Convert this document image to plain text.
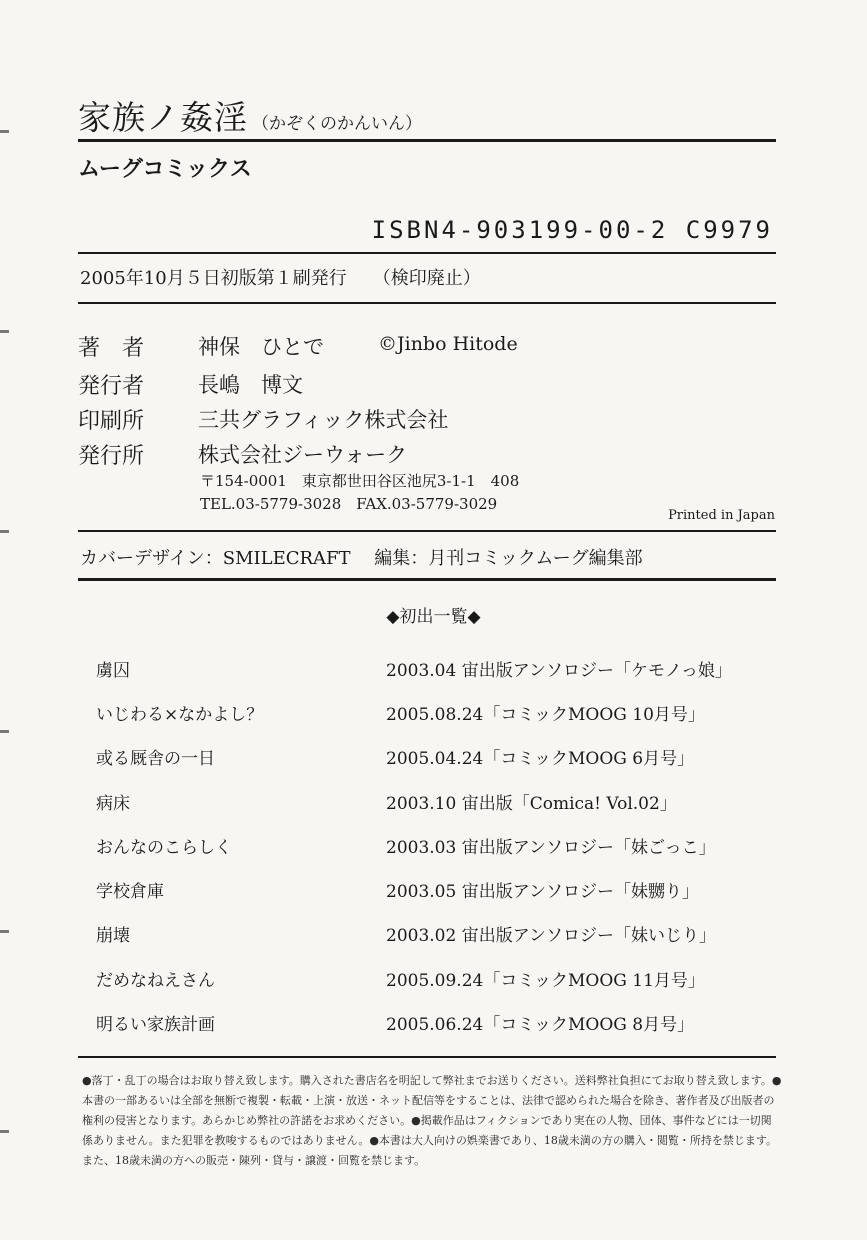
家族ノ姦淫 （かぞくのかんいん）
ムーグコミックス
ISBN4-903199-00-2 C9979
2005年10月５日初版第１刷発行 （検印廃止）
著　者	神保　ひとで	©Jinbo Hitode
発行者	長嶋　博文
印刷所	三共グラフィック株式会社
発行所	株式会社ジーウォーク
〒154-0001　東京都世田谷区池尻3-1-1　408
TEL.03-5779-3028　FAX.03-5779-3029
Printed in Japan
カバーデザイン：SMILECRAFT　 編集：月刊コミックムーグ編集部
◆初出一覧◆
虜囚	2003.04 宙出版アンソロジー「ケモノっ娘」
いじわる×なかよし？	2005.08.24「コミックMOOG 10月号」
或る厩舎の一日	2005.04.24「コミックMOOG 6月号」
病床	2003.10 宙出版「Comica! Vol.02」
おんなのこらしく	2003.03 宙出版アンソロジー「妹ごっこ」
学校倉庫	2003.05 宙出版アンソロジー「妹嬲り」
崩壊	2003.02 宙出版アンソロジー「妹いじり」
だめなねえさん	2005.09.24「コミックMOOG 11月号」
明るい家族計画	2005.06.24「コミックMOOG 8月号」
●落丁・乱丁の場合はお取り替え致します。購入された書店名を明記して弊社までお送りください。送料弊社負担にてお取り替え致します。●本書の一部あるいは全部を無断で複製・転載・上演・放送・ネット配信等をすることは、法律で認められた場合を除き、著作者及び出版者の権利の侵害となります。あらかじめ弊社の許諾をお求めください。●掲載作品はフィクションであり実在の人物、団体、事件などには一切関係ありません。また犯罪を教唆するものではありません。●本書は大人向けの娯楽書であり、18歳未満の方の購入・閲覧・所持を禁じます。また、18歳未満の方への販売・陳列・貸与・譲渡・回覧を禁じます。
